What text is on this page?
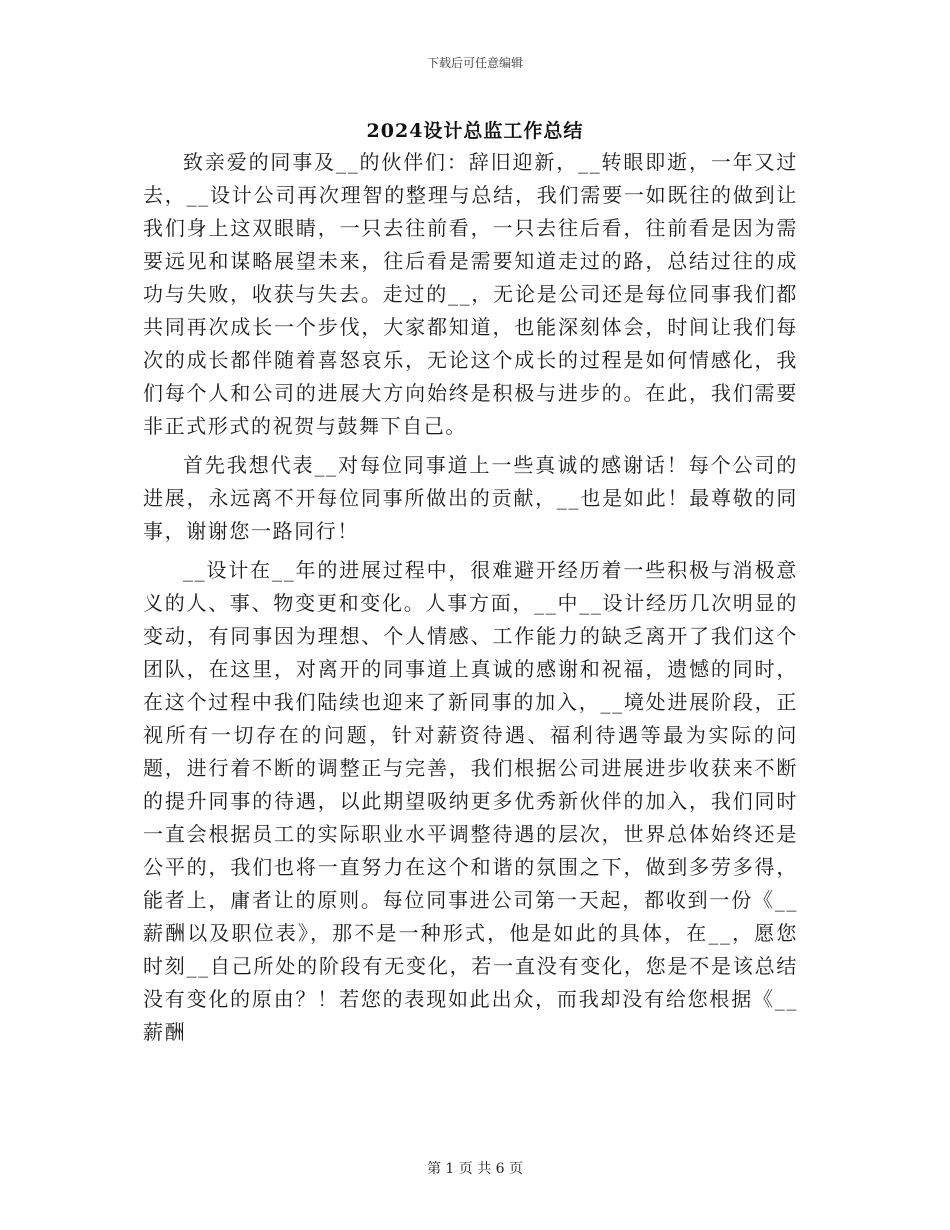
下载后可任意编辑
2024设计总监工作总结

致亲爱的同事及__的伙伴们：辞旧迎新，__转眼即逝，一年又过去，__设计公司再次理智的整理与总结，我们需要一如既往的做到让我们身上这双眼睛，一只去往前看，一只去往后看，往前看是因为需要远见和谋略展望未来，往后看是需要知道走过的路，总结过往的成功与失败，收获与失去。走过的__，无论是公司还是每位同事我们都共同再次成长一个步伐，大家都知道，也能深刻体会，时间让我们每次的成长都伴随着喜怒哀乐，无论这个成长的过程是如何情感化，我们每个人和公司的进展大方向始终是积极与进步的。在此，我们需要非正式形式的祝贺与鼓舞下自己。

首先我想代表__对每位同事道上一些真诚的感谢话！每个公司的进展，永远离不开每位同事所做出的贡献，__也是如此！最尊敬的同事，谢谢您一路同行！

__设计在__年的进展过程中，很难避开经历着一些积极与消极意义的人、事、物变更和变化。人事方面，__中__设计经历几次明显的变动，有同事因为理想、个人情感、工作能力的缺乏离开了我们这个团队，在这里，对离开的同事道上真诚的感谢和祝福，遗憾的同时，在这个过程中我们陆续也迎来了新同事的加入，__境处进展阶段，正视所有一切存在的问题，针对薪资待遇、福利待遇等最为实际的问题，进行着不断的调整正与完善，我们根据公司进展进步收获来不断的提升同事的待遇，以此期望吸纳更多优秀新伙伴的加入，我们同时一直会根据员工的实际职业水平调整待遇的层次，世界总体始终还是公平的，我们也将一直努力在这个和谐的氛围之下，做到多劳多得，能者上，庸者让的原则。每位同事进公司第一天起，都收到一份《__薪酬以及职位表》，那不是一种形式，他是如此的具体，在__，愿您时刻__自己所处的阶段有无变化，若一直没有变化，您是不是该总结没有变化的原由？！若您的表现如此出众，而我却没有给您根据《__薪酬

第 1 页 共 6 页
